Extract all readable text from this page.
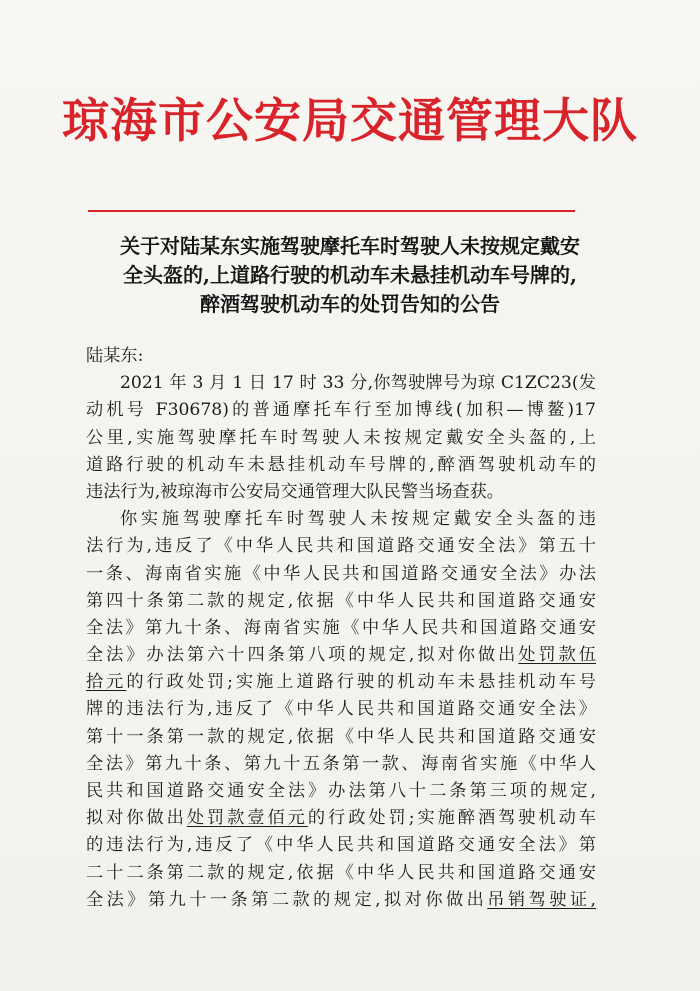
琼海市公安局交通管理大队
关于对陆某东实施驾驶摩托车时驾驶人未按规定戴安
全头盔的,上道路行驶的机动车未悬挂机动车号牌的,
醉酒驾驶机动车的处罚告知的公告
陆某东:
2021 年 3 月 1 日 17 时 33 分,你驾驶牌号为琼 C1ZC23(发
动机号 F30678)的普通摩托车行至加博线(加积—博鳌)17
公里,实施驾驶摩托车时驾驶人未按规定戴安全头盔的,上
道路行驶的机动车未悬挂机动车号牌的,醉酒驾驶机动车的
违法行为,被琼海市公安局交通管理大队民警当场查获。
你实施驾驶摩托车时驾驶人未按规定戴安全头盔的违
法行为,违反了《中华人民共和国道路交通安全法》第五十
一条、海南省实施《中华人民共和国道路交通安全法》办法
第四十条第二款的规定,依据《中华人民共和国道路交通安
全法》第九十条、海南省实施《中华人民共和国道路交通安
全法》办法第六十四条第八项的规定,拟对你做出处罚款伍
拾元的行政处罚;实施上道路行驶的机动车未悬挂机动车号
牌的违法行为,违反了《中华人民共和国道路交通安全法》
第十一条第一款的规定,依据《中华人民共和国道路交通安
全法》第九十条、第九十五条第一款、海南省实施《中华人
民共和国道路交通安全法》办法第八十二条第三项的规定,
拟对你做出处罚款壹佰元的行政处罚;实施醉酒驾驶机动车
的违法行为,违反了《中华人民共和国道路交通安全法》第
二十二条第二款的规定,依据《中华人民共和国道路交通安
全法》第九十一条第二款的规定,拟对你做出吊销驾驶证,
